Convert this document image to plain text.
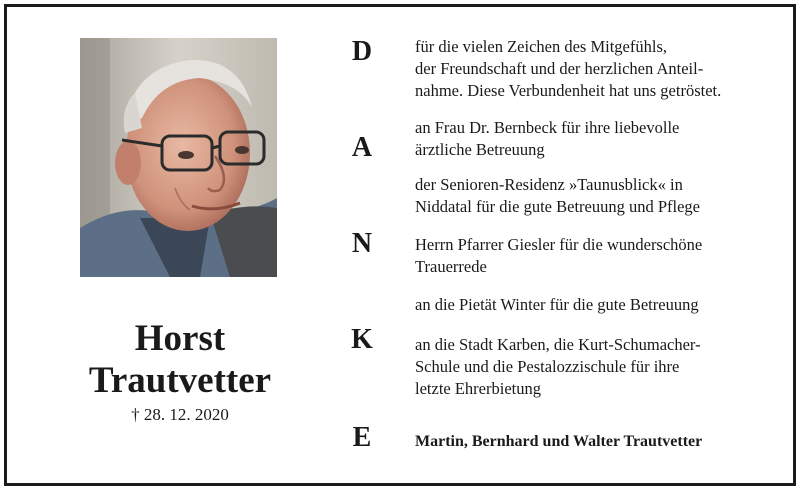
Horst
Trautvetter
† 28. 12. 2020
D
A
N
K
E
für die vielen Zeichen des Mitgefühls,
der Freundschaft und der herzlichen Anteil-
nahme. Diese Verbundenheit hat uns getröstet.
an Frau Dr. Bernbeck für ihre liebevolle
ärztliche Betreuung
der Senioren-Residenz »Taunusblick« in
Niddatal für die gute Betreuung und Pflege
Herrn Pfarrer Giesler für die wunderschöne
Trauerrede
an die Pietät Winter für die gute Betreuung
an die Stadt Karben, die Kurt-Schumacher-
Schule und die Pestalozzischule für ihre
letzte Ehrerbietung
Martin, Bernhard und Walter Trautvetter
